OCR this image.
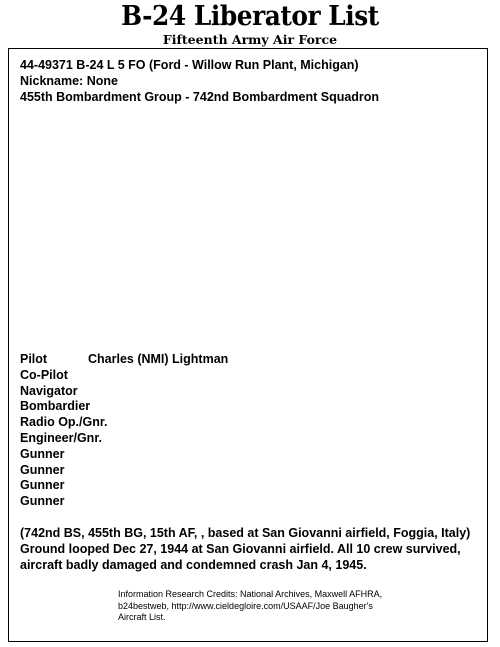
B-24 Liberator List
Fifteenth Army Air Force
44-49371 B-24 L 5 FO (Ford - Willow Run Plant, Michigan)
Nickname: None
455th Bombardment Group - 742nd Bombardment Squadron
Pilot	Charles (NMI) Lightman
Co-Pilot
Navigator
Bombardier
Radio Op./Gnr.
Engineer/Gnr.
Gunner
Gunner
Gunner
Gunner
(742nd BS, 455th BG, 15th AF, , based at San Giovanni airfield, Foggia, Italy)
Ground looped Dec 27, 1944 at San Giovanni airfield. All 10 crew survived,
aircraft badly damaged and condemned crash Jan 4, 1945.
Information Research Credits: National Archives, Maxwell AFHRA,
b24bestweb, http://www.cieldegloire.com/USAAF/Joe Baugher's
Aircraft List.
